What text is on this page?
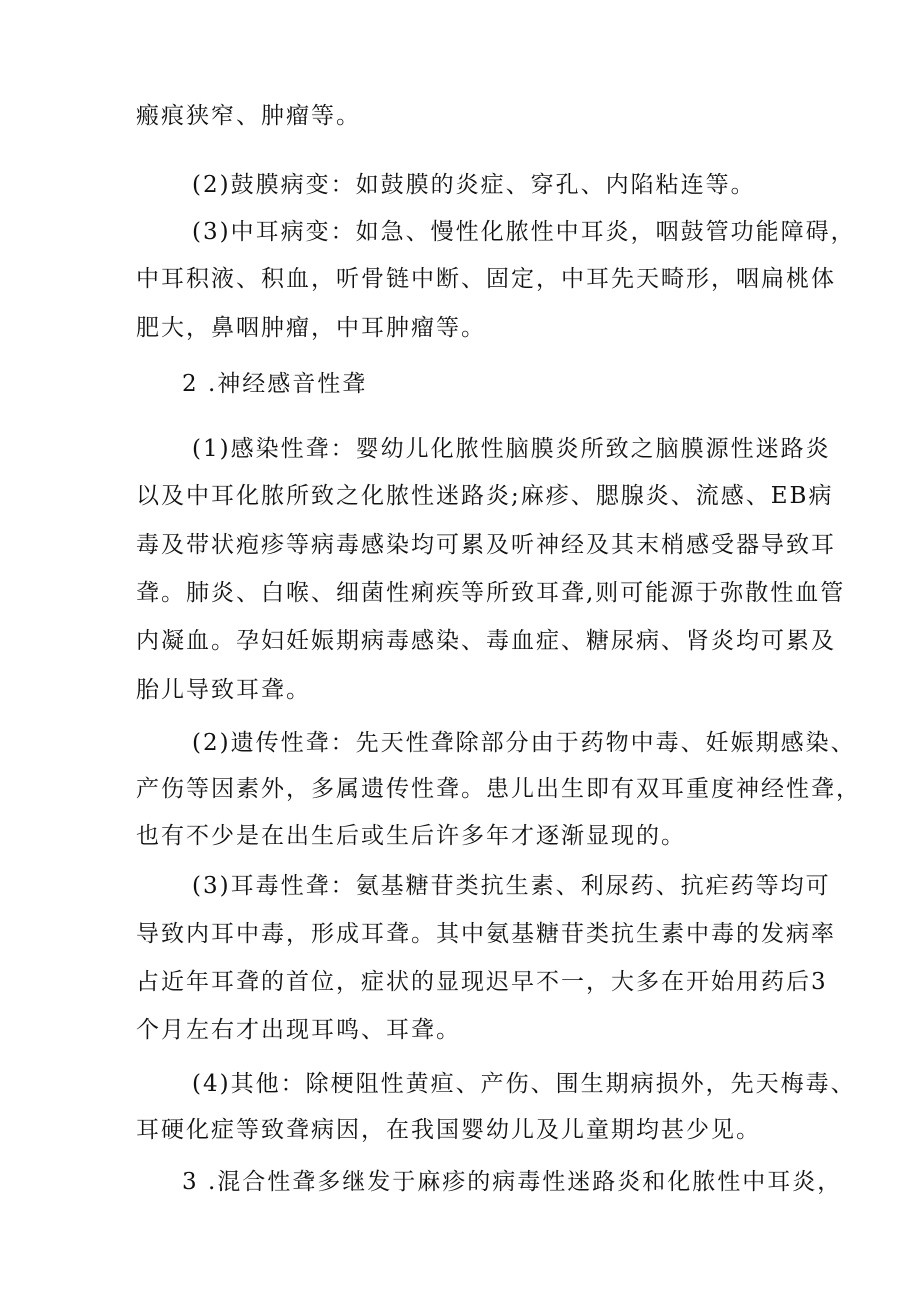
瘢痕狭窄、肿瘤等。
(2)鼓膜病变：如鼓膜的炎症、穿孔、内陷粘连等。
(3)中耳病变：如急、慢性化脓性中耳炎，咽鼓管功能障碍，
中耳积液、积血，听骨链中断、固定，中耳先天畸形，咽扁桃体
肥大，鼻咽肿瘤，中耳肿瘤等。
2 .神经感音性聋
(1)感染性聋：婴幼儿化脓性脑膜炎所致之脑膜源性迷路炎
以及中耳化脓所致之化脓性迷路炎;麻疹、腮腺炎、流感、EB病
毒及带状疱疹等病毒感染均可累及听神经及其末梢感受器导致耳
聋。肺炎、白喉、细菌性痢疾等所致耳聋,则可能源于弥散性血管
内凝血。孕妇妊娠期病毒感染、毒血症、糖尿病、肾炎均可累及
胎儿导致耳聋。
(2)遗传性聋：先天性聋除部分由于药物中毒、妊娠期感染、
产伤等因素外，多属遗传性聋。患儿出生即有双耳重度神经性聋，
也有不少是在出生后或生后许多年才逐渐显现的。
(3)耳毒性聋：氨基糖苷类抗生素、利尿药、抗疟药等均可
导致内耳中毒，形成耳聋。其中氨基糖苷类抗生素中毒的发病率
占近年耳聋的首位，症状的显现迟早不一，大多在开始用药后3
个月左右才出现耳鸣、耳聋。
(4)其他：除梗阻性黄疸、产伤、围生期病损外，先天梅毒、
耳硬化症等致聋病因，在我国婴幼儿及儿童期均甚少见。
3 .混合性聋多继发于麻疹的病毒性迷路炎和化脓性中耳炎，
